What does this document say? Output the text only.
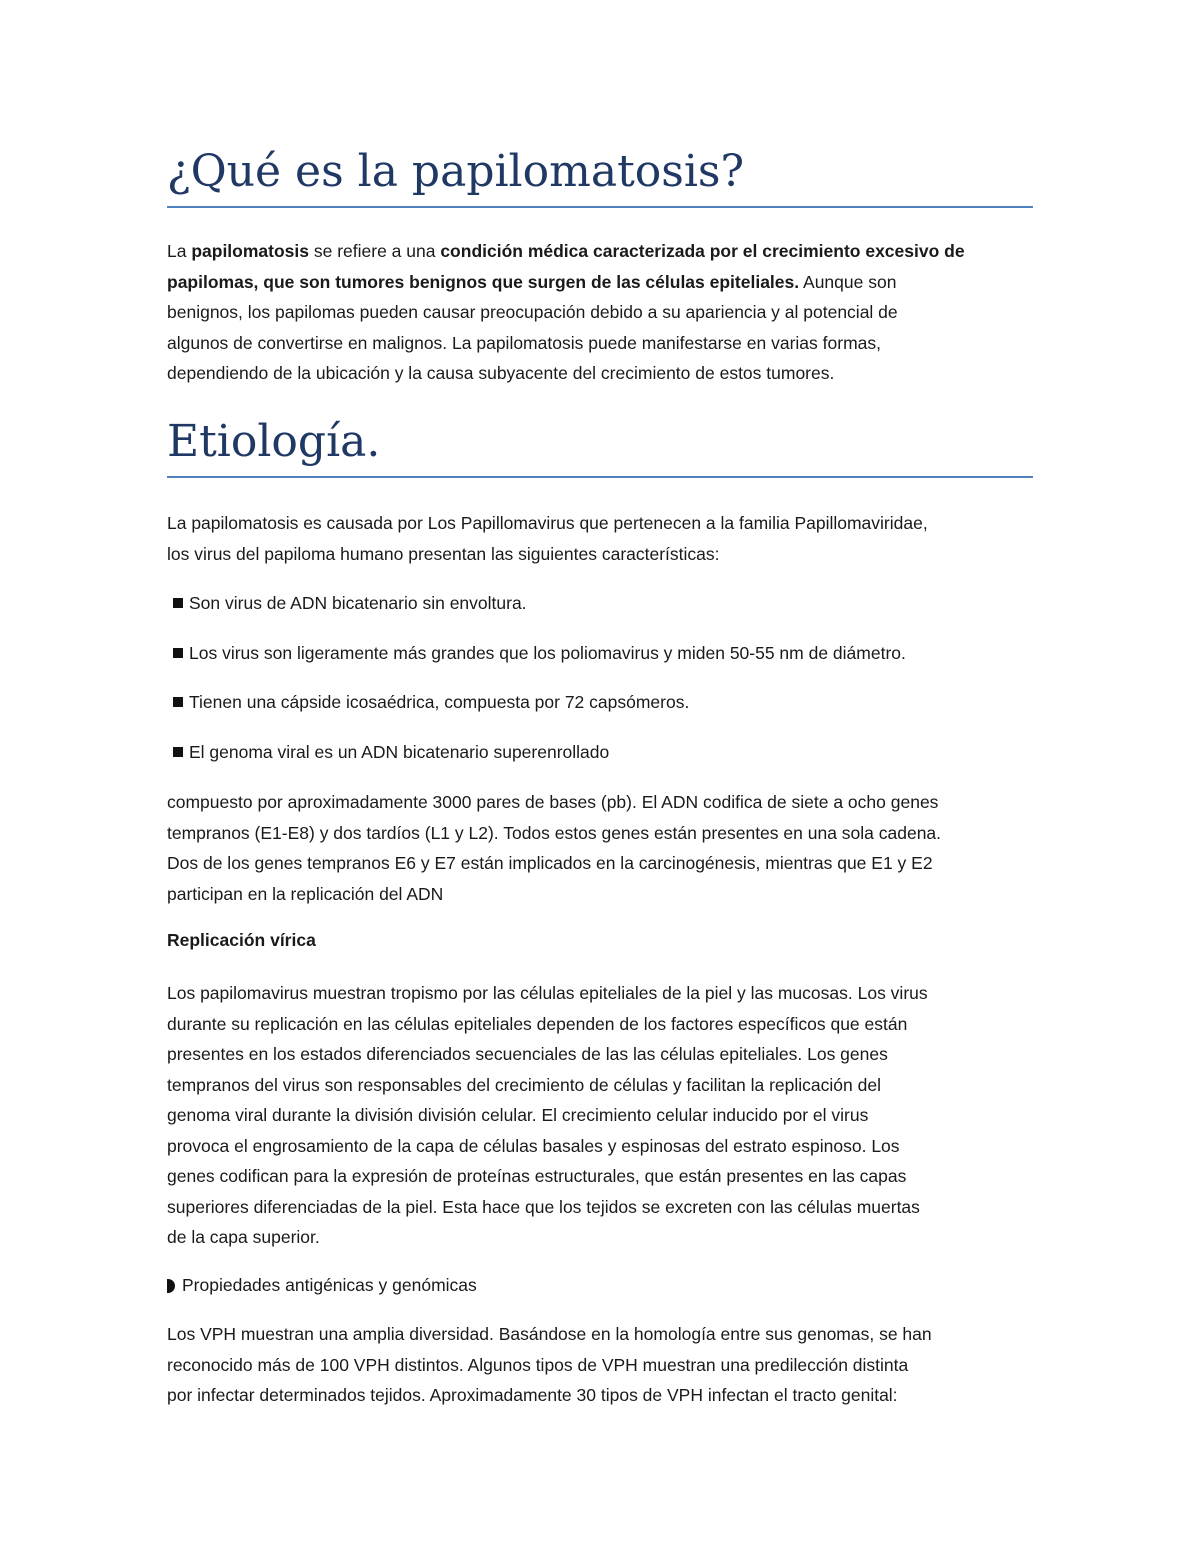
¿Qué es la papilomatosis?
La papilomatosis se refiere a una condición médica caracterizada por el crecimiento excesivo de
papilomas, que son tumores benignos que surgen de las células epiteliales. Aunque son
benignos, los papilomas pueden causar preocupación debido a su apariencia y al potencial de
algunos de convertirse en malignos. La papilomatosis puede manifestarse en varias formas,
dependiendo de la ubicación y la causa subyacente del crecimiento de estos tumores.
Etiología.
La papilomatosis es causada por Los Papillomavirus que pertenecen a la familia Papillomaviridae,
los virus del papiloma humano presentan las siguientes características:
Son virus de ADN bicatenario sin envoltura.
Los virus son ligeramente más grandes que los poliomavirus y miden 50-55 nm de diámetro.
Tienen una cápside icosaédrica, compuesta por 72 capsómeros.
El genoma viral es un ADN bicatenario superenrollado
compuesto por aproximadamente 3000 pares de bases (pb). El ADN codifica de siete a ocho genes
tempranos (E1-E8) y dos tardíos (L1 y L2). Todos estos genes están presentes en una sola cadena.
Dos de los genes tempranos E6 y E7 están implicados en la carcinogénesis, mientras que E1 y E2
participan en la replicación del ADN
Replicación vírica
Los papilomavirus muestran tropismo por las células epiteliales de la piel y las mucosas. Los virus
durante su replicación en las células epiteliales dependen de los factores específicos que están
presentes en los estados diferenciados secuenciales de las las células epiteliales. Los genes
tempranos del virus son responsables del crecimiento de células y facilitan la replicación del
genoma viral durante la división división celular. El crecimiento celular inducido por el virus
provoca el engrosamiento de la capa de células basales y espinosas del estrato espinoso. Los
genes codifican para la expresión de proteínas estructurales, que están presentes en las capas
superiores diferenciadas de la piel. Esta hace que los tejidos se excreten con las células muertas
de la capa superior.
Propiedades antigénicas y genómicas
Los VPH muestran una amplia diversidad. Basándose en la homología entre sus genomas, se han
reconocido más de 100 VPH distintos. Algunos tipos de VPH muestran una predilección distinta
por infectar determinados tejidos. Aproximadamente 30 tipos de VPH infectan el tracto genital:
